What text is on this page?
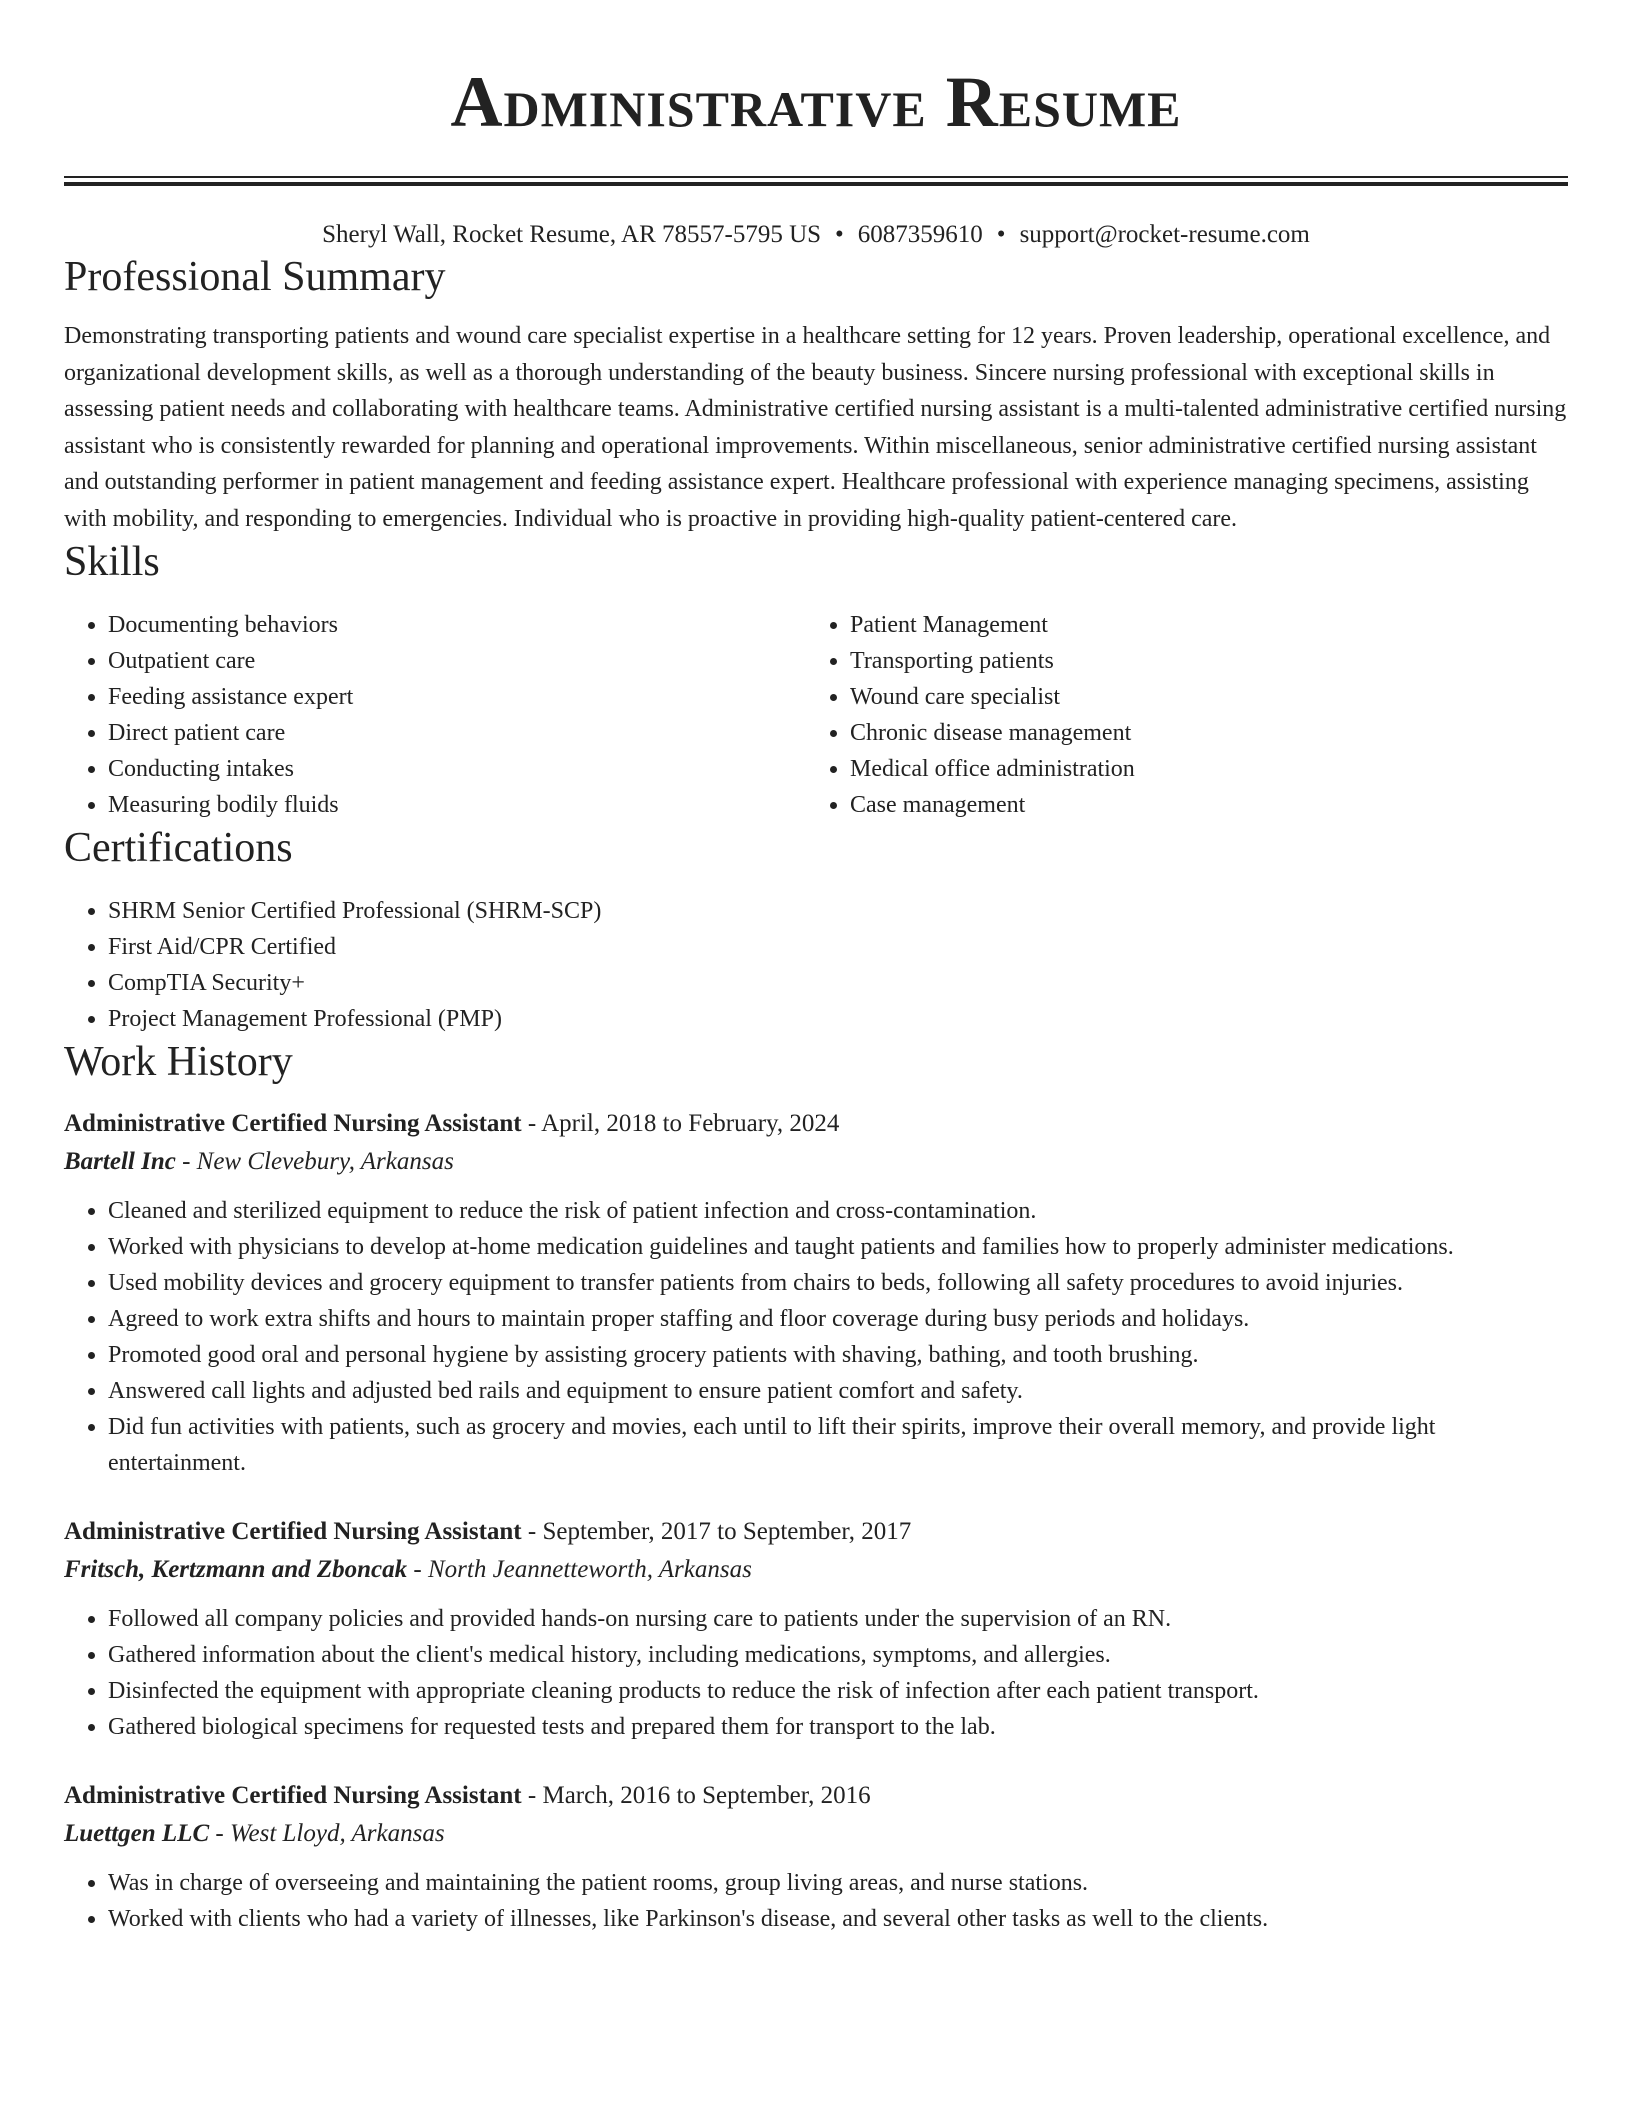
Administrative Resume
Sheryl Wall, Rocket Resume, AR 78557-5795 US • 6087359610 • support@rocket-resume.com
Professional Summary

Demonstrating transporting patients and wound care specialist expertise in a healthcare setting for 12 years. Proven leadership, operational excellence, and organizational development skills, as well as a thorough understanding of the beauty business. Sincere nursing professional with exceptional skills in assessing patient needs and collaborating with healthcare teams. Administrative certified nursing assistant is a multi-talented administrative certified nursing assistant who is consistently rewarded for planning and operational improvements. Within miscellaneous, senior administrative certified nursing assistant and outstanding performer in patient management and feeding assistance expert. Healthcare professional with experience managing specimens, assisting with mobility, and responding to emergencies. Individual who is proactive in providing high-quality patient-centered care.

Skills
• Documenting behaviors
• Outpatient care
• Feeding assistance expert
• Direct patient care
• Conducting intakes
• Measuring bodily fluids
• Patient Management
• Transporting patients
• Wound care specialist
• Chronic disease management
• Medical office administration
• Case management
Certifications
• SHRM Senior Certified Professional (SHRM-SCP)
• First Aid/CPR Certified
• CompTIA Security+
• Project Management Professional (PMP)
Work History
Administrative Certified Nursing Assistant - April, 2018 to February, 2024
Bartell Inc - New Clevebury, Arkansas
• Cleaned and sterilized equipment to reduce the risk of patient infection and cross-contamination.
• Worked with physicians to develop at-home medication guidelines and taught patients and families how to properly administer medications.
• Used mobility devices and grocery equipment to transfer patients from chairs to beds, following all safety procedures to avoid injuries.
• Agreed to work extra shifts and hours to maintain proper staffing and floor coverage during busy periods and holidays.
• Promoted good oral and personal hygiene by assisting grocery patients with shaving, bathing, and tooth brushing.
• Answered call lights and adjusted bed rails and equipment to ensure patient comfort and safety.
• Did fun activities with patients, such as grocery and movies, each until to lift their spirits, improve their overall memory, and provide light entertainment.
Administrative Certified Nursing Assistant - September, 2017 to September, 2017
Fritsch, Kertzmann and Zboncak - North Jeannetteworth, Arkansas
• Followed all company policies and provided hands-on nursing care to patients under the supervision of an RN.
• Gathered information about the client's medical history, including medications, symptoms, and allergies.
• Disinfected the equipment with appropriate cleaning products to reduce the risk of infection after each patient transport.
• Gathered biological specimens for requested tests and prepared them for transport to the lab.
Administrative Certified Nursing Assistant - March, 2016 to September, 2016
Luettgen LLC - West Lloyd, Arkansas
• Was in charge of overseeing and maintaining the patient rooms, group living areas, and nurse stations.
• Worked with clients who had a variety of illnesses, like Parkinson's disease, and several other tasks as well to the clients.
